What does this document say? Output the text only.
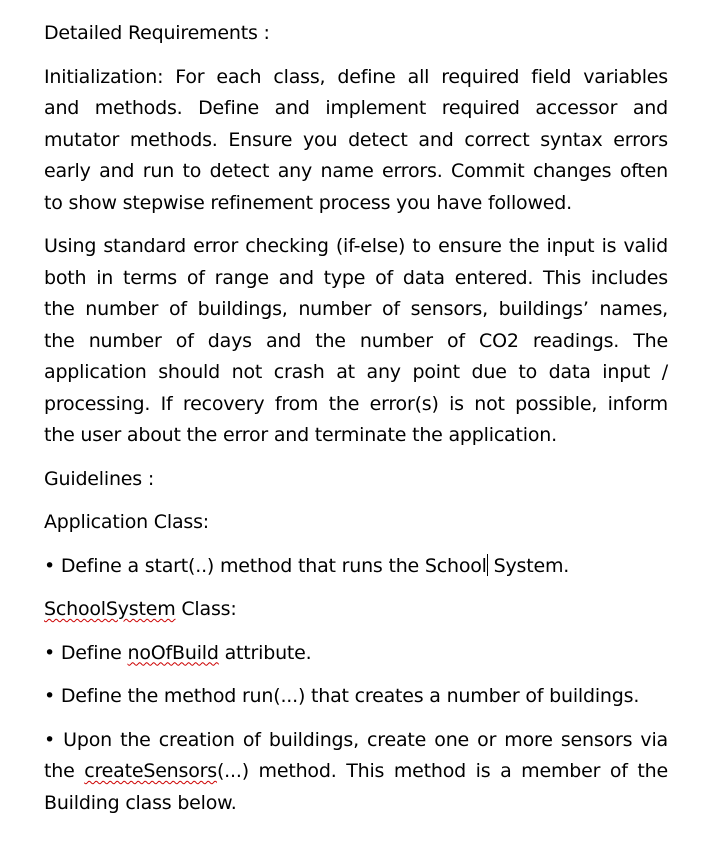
Detailed Requirements :

Initialization: For each class, define all required field variables
and methods. Define and implement required accessor and
mutator methods. Ensure you detect and correct syntax errors
early and run to detect any name errors. Commit changes often
to show stepwise refinement process you have followed.

Using standard error checking (if-else) to ensure the input is valid
both in terms of range and type of data entered. This includes
the number of buildings, number of sensors, buildings’ names,
the number of days and the number of CO2 readings. The
application should not crash at any point due to data input /
processing. If recovery from the error(s) is not possible, inform
the user about the error and terminate the application.

Guidelines :

Application Class:

• Define a start(..) method that runs the School System.

SchoolSystem Class:

• Define noOfBuild attribute.

• Define the method run(...) that creates a number of buildings.

• Upon the creation of buildings, create one or more sensors via
the createSensors(...) method. This method is a member of the
Building class below.
